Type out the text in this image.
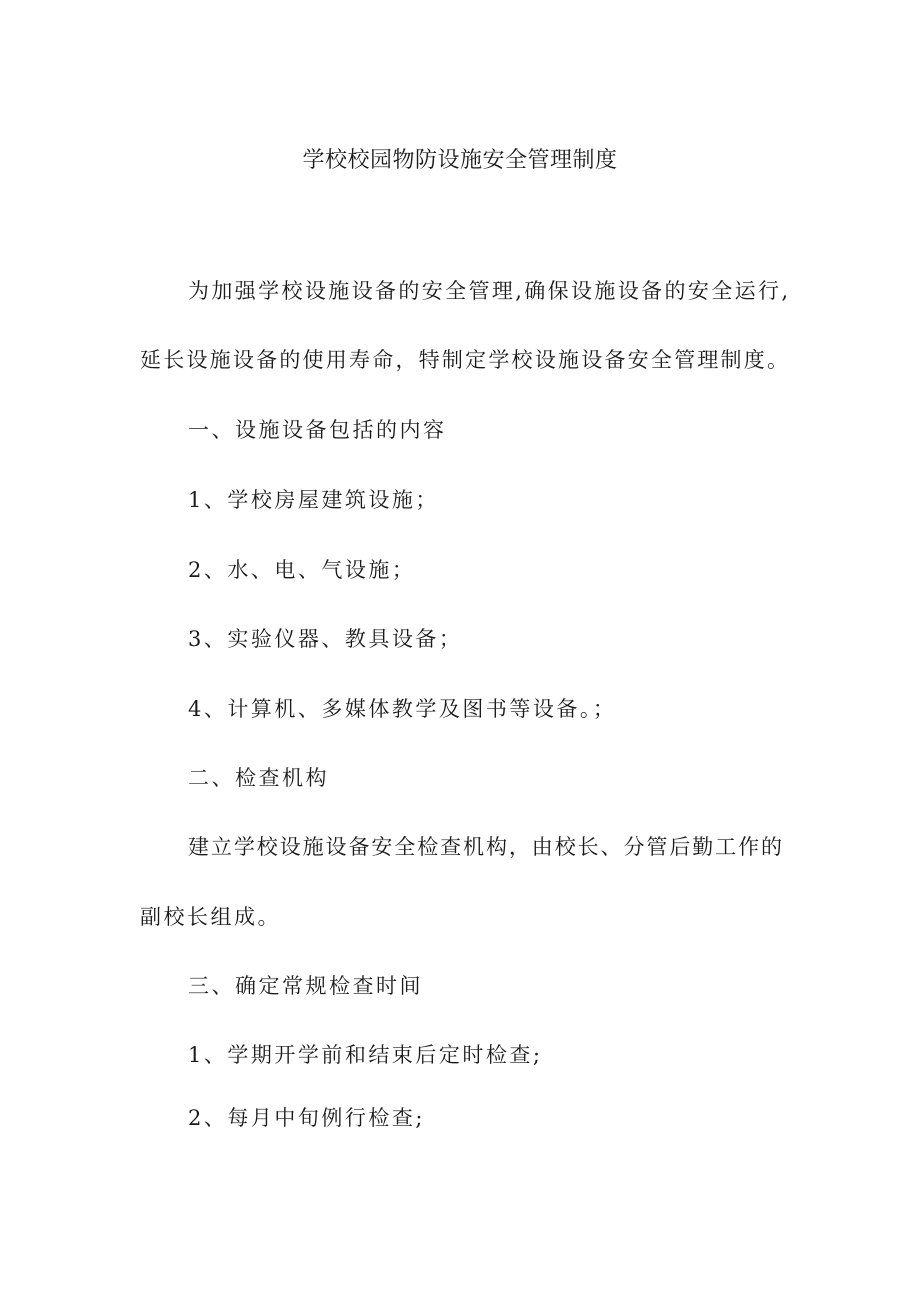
学校校园物防设施安全管理制度

为加强学校设施设备的安全管理,确保设施设备的安全运行,

延长设施设备的使用寿命，特制定学校设施设备安全管理制度。

一、设施设备包括的内容

1、学校房屋建筑设施；

2、水、电、气设施；

3、实验仪器、教具设备；

4、计算机、多媒体教学及图书等设备。；

二、检查机构

建立学校设施设备安全检查机构，由校长、分管后勤工作的

副校长组成。

三、确定常规检查时间

1、学期开学前和结束后定时检查;

2、每月中旬例行检查;
